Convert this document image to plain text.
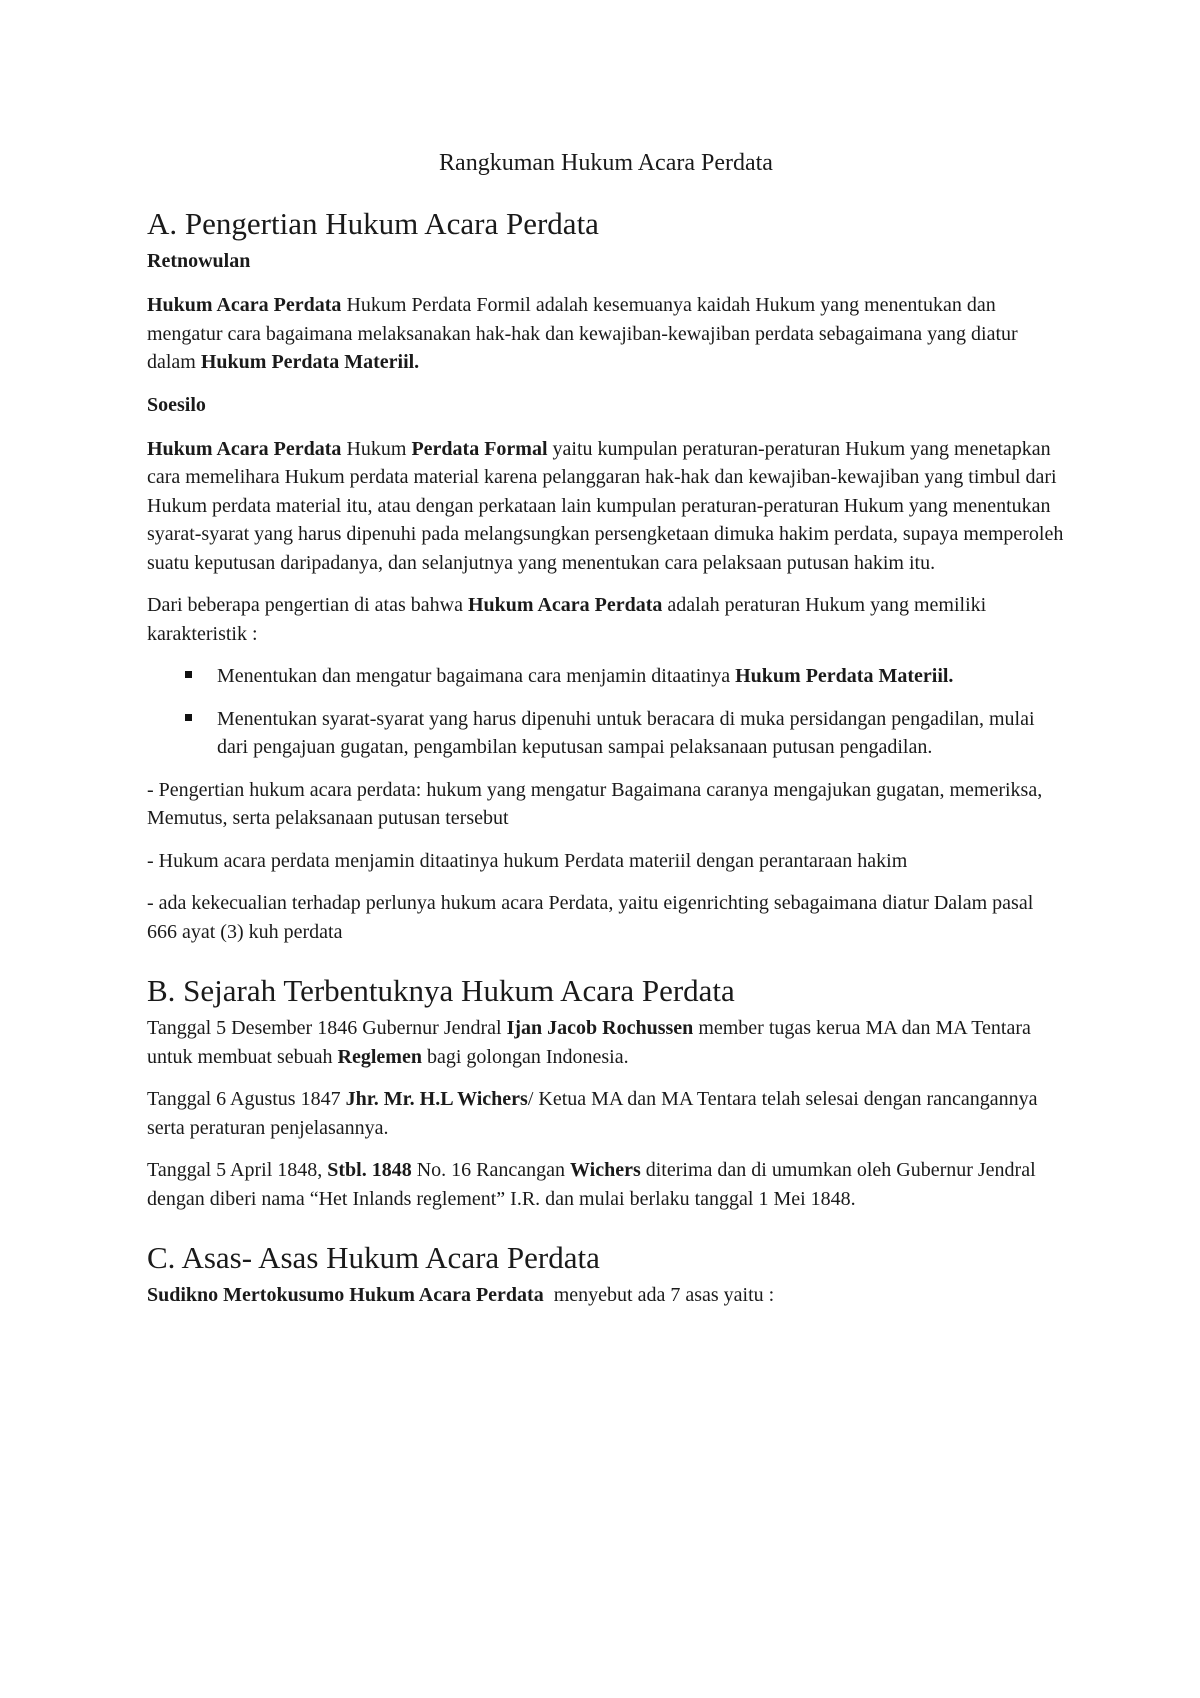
Rangkuman Hukum Acara Perdata
A. Pengertian Hukum Acara Perdata
Retnowulan

Hukum Acara Perdata Hukum Perdata Formil adalah kesemuanya kaidah Hukum yang menentukan dan mengatur cara bagaimana melaksanakan hak-hak dan kewajiban-kewajiban perdata sebagaimana yang diatur dalam Hukum Perdata Materiil.

Soesilo

Hukum Acara Perdata Hukum Perdata Formal yaitu kumpulan peraturan-peraturan Hukum yang menetapkan cara memelihara Hukum perdata material karena pelanggaran hak-hak dan kewajiban-kewajiban yang timbul dari Hukum perdata material itu, atau dengan perkataan lain kumpulan peraturan-peraturan Hukum yang menentukan syarat-syarat yang harus dipenuhi pada melangsungkan persengketaan dimuka hakim perdata, supaya memperoleh suatu keputusan daripadanya, dan selanjutnya yang menentukan cara pelaksaan putusan hakim itu.

Dari beberapa pengertian di atas bahwa Hukum Acara Perdata adalah peraturan Hukum yang memiliki karakteristik :

Menentukan dan mengatur bagaimana cara menjamin ditaatinya Hukum Perdata Materiil.
Menentukan syarat-syarat yang harus dipenuhi untuk beracara di muka persidangan pengadilan, mulai dari pengajuan gugatan, pengambilan keputusan sampai pelaksanaan putusan pengadilan.

- Pengertian hukum acara perdata: hukum yang mengatur Bagaimana caranya mengajukan gugatan, memeriksa, Memutus, serta pelaksanaan putusan tersebut

- Hukum acara perdata menjamin ditaatinya hukum Perdata materiil dengan perantaraan hakim

- ada kekecualian terhadap perlunya hukum acara Perdata, yaitu eigenrichting sebagaimana diatur Dalam pasal 666 ayat (3) kuh perdata

B. Sejarah Terbentuknya Hukum Acara Perdata

Tanggal 5 Desember 1846 Gubernur Jendral Ijan Jacob Rochussen member tugas kerua MA dan MA Tentara untuk membuat sebuah Reglemen bagi golongan Indonesia.

Tanggal 6 Agustus 1847 Jhr. Mr. H.L Wichers/ Ketua MA dan MA Tentara telah selesai dengan rancangannya serta peraturan penjelasannya.

Tanggal 5 April 1848, Stbl. 1848 No. 16 Rancangan Wichers diterima dan di umumkan oleh Gubernur Jendral dengan diberi nama “Het Inlands reglement” I.R. dan mulai berlaku tanggal 1 Mei 1848.

C. Asas- Asas Hukum Acara Perdata

Sudikno Mertokusumo Hukum Acara Perdata  menyebut ada 7 asas yaitu :
